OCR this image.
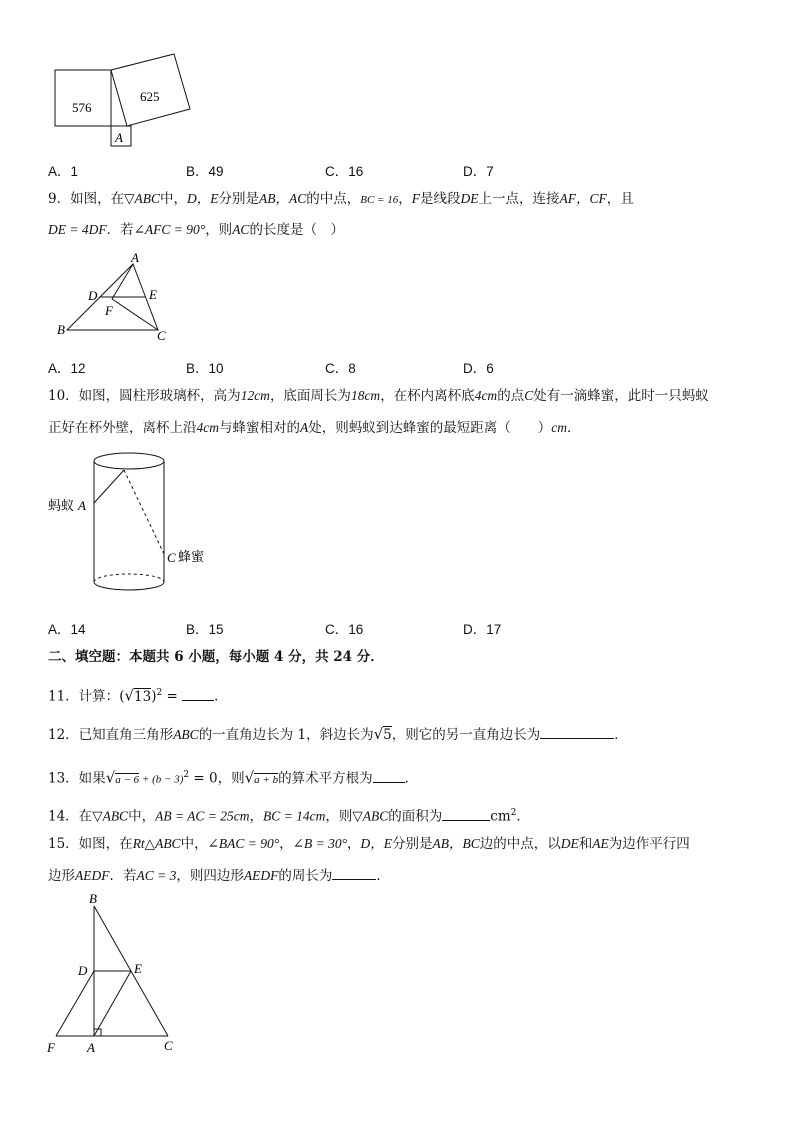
576
625
A
A．1	B．49	C．16	D．7
9．如图，在▽ABC中，D，E分别是AB，AC的中点，BC = 16，F是线段DE上一点，连接AF，CF，且
DE = 4DF．若∠AFC = 90°，则AC的长度是（　）
A
D	E
F
B	C
A．12	B．10	C．8	D．6
10．如图，圆柱形玻璃杯，高为12cm，底面周长为18cm，在杯内离杯底4cm的点C处有一滴蜂蜜，此时一只蚂蚁
正好在杯外壁，离杯上沿4cm与蜂蜜相对的A处，则蚂蚁到达蜂蜜的最短距离（　　）cm．
蚂蚁 A
C 蜂蜜
A．14	B．15	C．16	D．17
二、填空题：本题共 6 小题，每小题 4 分，共 24 分．
11．计算：$(√13)^2$ = ．
12．已知直角三角形ABC的一直角边长为 1，斜边长为√5，则它的另一直角边长为	．
13．如果$√a - 6 + (b - 3)^2 = 0$，则√a + b的算术平方根为 ．
14．在▽ABC中，AB = AC = 25cm，BC = 14cm，则▽ABC的面积为	$cm^2$．
15．如图，在Rt△ABC中，∠BAC = 90°，∠B = 30°，D，E分别是AB，BC边的中点，以DE和AE为边作平行四
边形AEDF．若AC = 3，则四边形AEDF的周长为	．
B
D	E
F A	C
